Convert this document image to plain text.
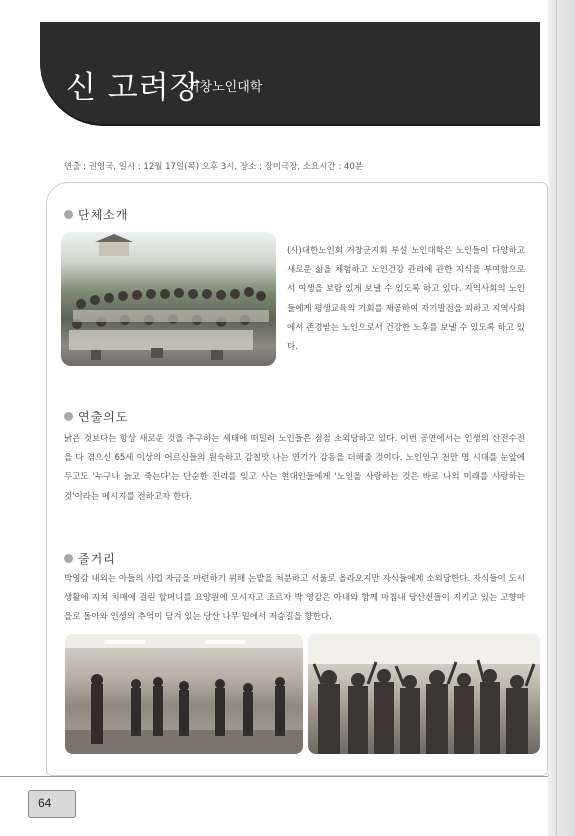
신 고려장
거창노인대학
연출 : 권영국, 일시 : 12월 17일(목) 오후 3시, 장소 : 장미극장, 소요시간 : 40분
단체소개
(사)대한노인회 거창군지회 부설 노인대학은 노인들이 다양하고 새로운 삶을 체험하고 노인건강 관리에 관한 지식을 부여함으로서 여생을 보람 있게 보낼 수 있도록 하고 있다. 지역사회의 노인들에게 평생교육의 기회를 제공하여 자기발전을 꾀하고 지역사회에서 존경받는 노인으로서 건강한 노후를 보낼 수 있도록 하고 있다.
연출의도
낡은 것보다는 항상 새로운 것을 추구하는 세태에 떠밀려 노인들은 점점 소외당하고 있다. 이번 공연에서는 인생의 산전수전을 다 겪으신 65세 이상의 어르신들의 원숙하고 감칠맛 나는 연기가 감동을 더해줄 것이다. 노인인구 천만 명 시대를 눈앞에 두고도 '누구나 늙고 죽는다'는 단순한 진리를 잊고 사는 현대인들에게 '노인을 사랑하는 것은 바로 나의 미래를 사랑하는 것'이라는 메시지를 전하고자 한다.
줄거리
박영감 내외는 아들의 사업 자금을 마련하기 위해 논밭을 처분하고 서울로 올라오지만 자식들에게 소외당한다. 자식들이 도시 생활에 지쳐 치매에 걸린 할머니를 요양원에 모시자고 조르자 박 영감은 아내와 함께 마침내 당산신들이 지키고 있는 고향마을로 돌아와 인생의 추억이 담겨 있는 당산 나무 밑에서 저승길을 향한다.
64
